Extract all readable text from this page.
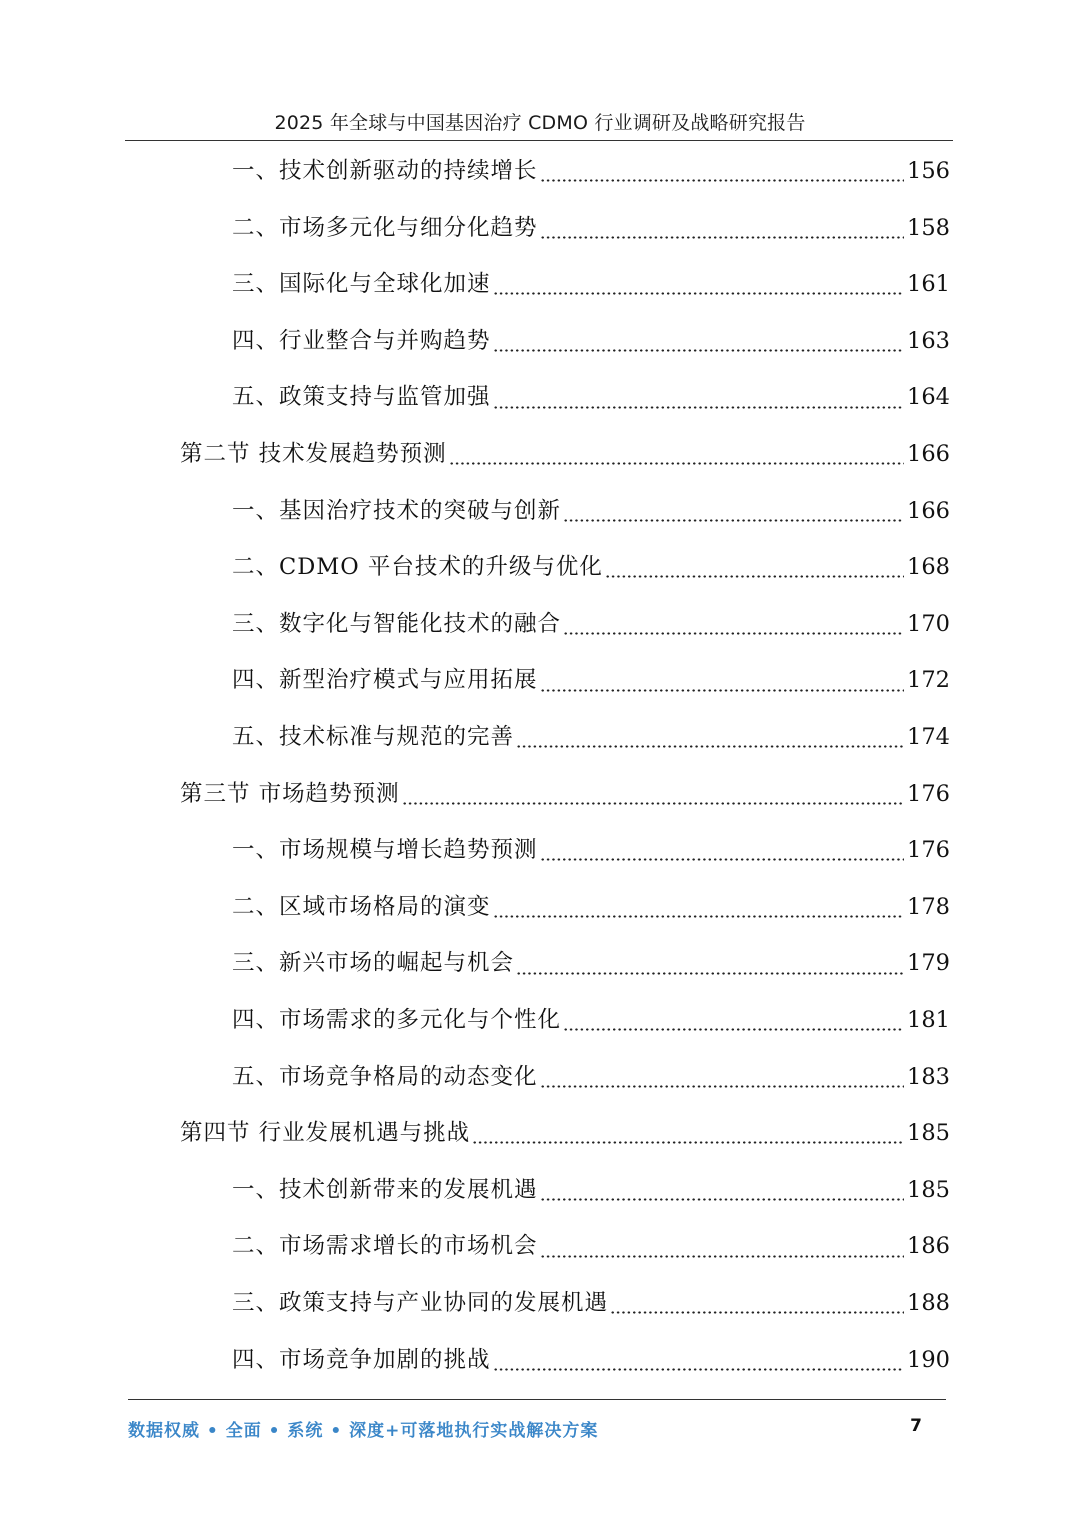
2025 年全球与中国基因治疗 CDMO 行业调研及战略研究报告
一、技术创新驱动的持续增长	156
二、市场多元化与细分化趋势	158
三、国际化与全球化加速	161
四、行业整合与并购趋势	163
五、政策支持与监管加强	164
第二节 技术发展趋势预测	166
一、基因治疗技术的突破与创新	166
二、CDMO 平台技术的升级与优化	168
三、数字化与智能化技术的融合	170
四、新型治疗模式与应用拓展	172
五、技术标准与规范的完善	174
第三节 市场趋势预测	176
一、市场规模与增长趋势预测	176
二、区域市场格局的演变	178
三、新兴市场的崛起与机会	179
四、市场需求的多元化与个性化	181
五、市场竞争格局的动态变化	183
第四节 行业发展机遇与挑战	185
一、技术创新带来的发展机遇	185
二、市场需求增长的市场机会	186
三、政策支持与产业协同的发展机遇	188
四、市场竞争加剧的挑战	190
数据权威 • 全面 • 系统 • 深度+可落地执行实战解决方案	7
